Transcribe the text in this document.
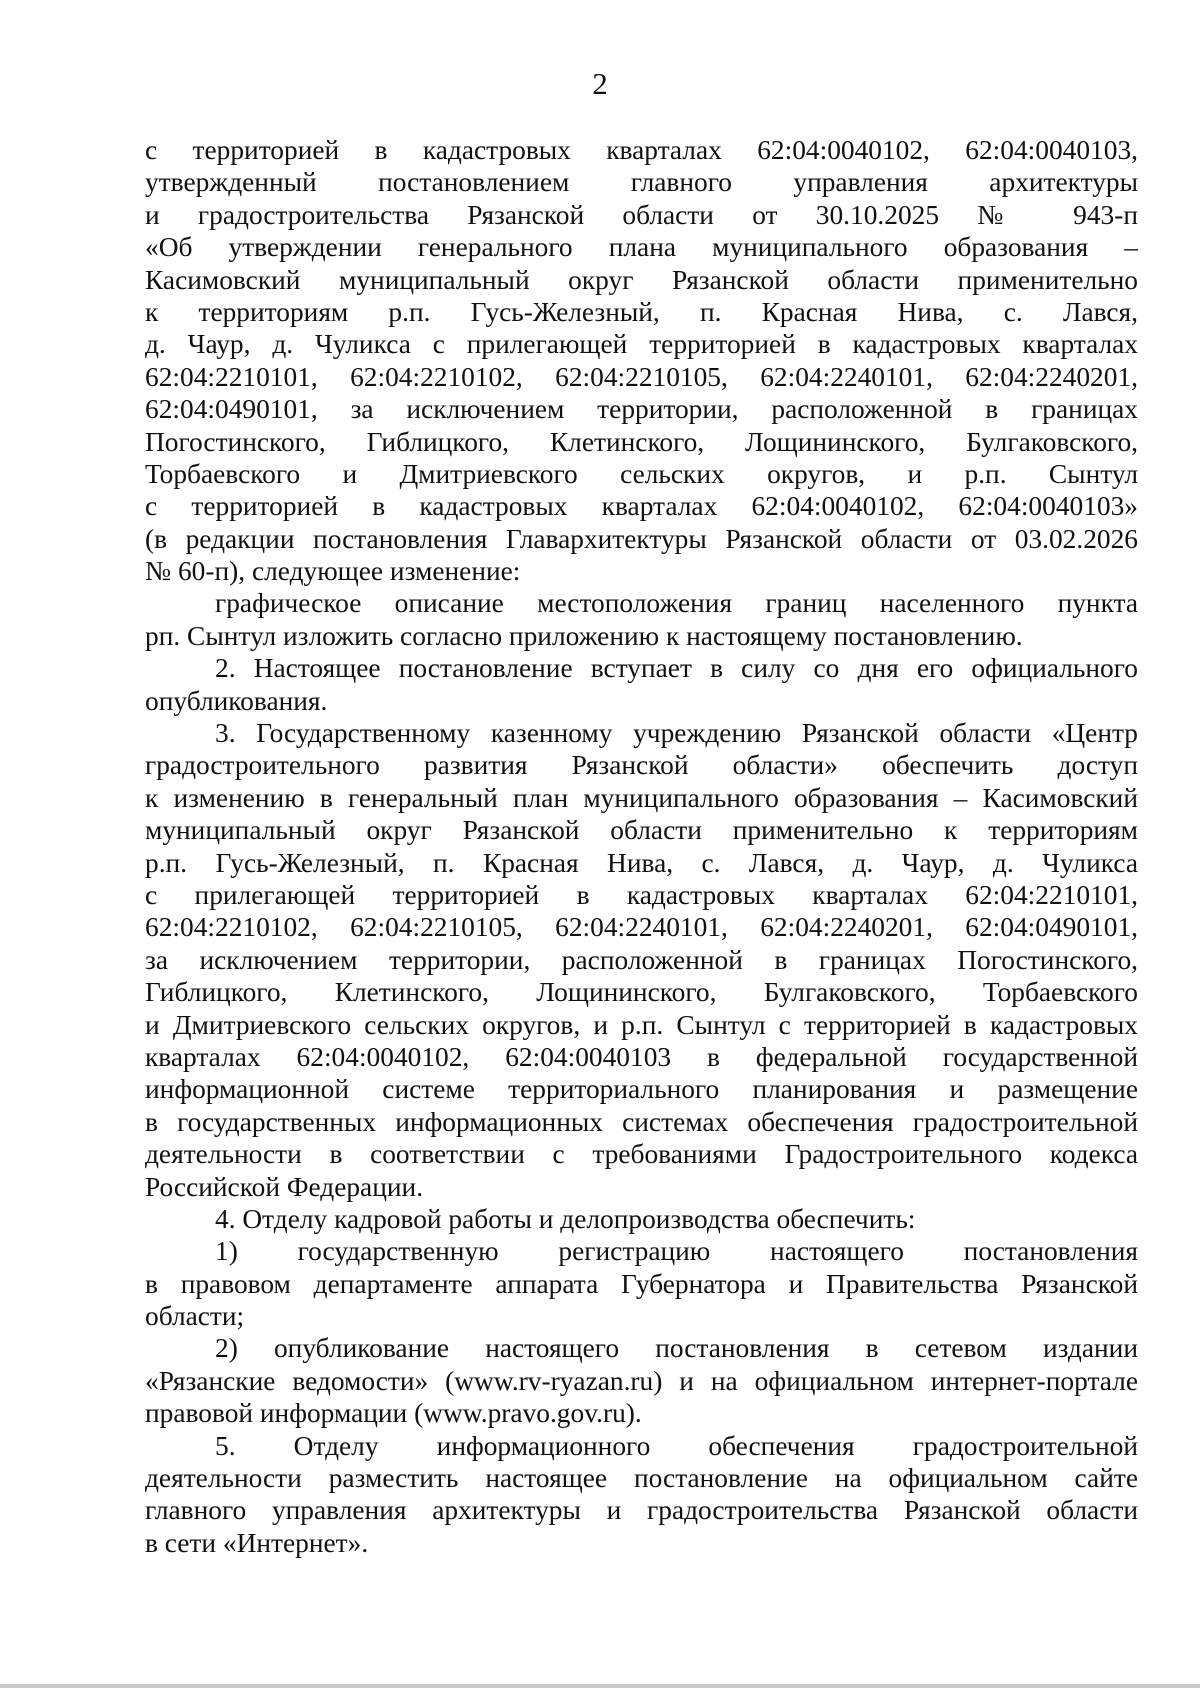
2
с территорией в кадастровых кварталах 62:04:0040102, 62:04:0040103,
утвержденный постановлением главного управления архитектуры
и градостроительства Рязанской области от 30.10.2025 № 943-п
«Об утверждении генерального плана муниципального образования –
Касимовский муниципальный округ Рязанской области применительно
к территориям р.п. Гусь-Железный, п. Красная Нива, с. Лався,
д. Чаур, д. Чуликса с прилегающей территорией в кадастровых кварталах
62:04:2210101, 62:04:2210102, 62:04:2210105, 62:04:2240101, 62:04:2240201,
62:04:0490101, за исключением территории, расположенной в границах
Погостинского, Гиблицкого, Клетинского, Лощининского, Булгаковского,
Торбаевского и Дмитриевского сельских округов, и р.п. Сынтул
с территорией в кадастровых кварталах 62:04:0040102, 62:04:0040103»
(в редакции постановления Главархитектуры Рязанской области от 03.02.2026
№ 60-п), следующее изменение:
графическое описание местоположения границ населенного пункта
рп. Сынтул изложить согласно приложению к настоящему постановлению.
2. Настоящее постановление вступает в силу со дня его официального
опубликования.
3. Государственному казенному учреждению Рязанской области «Центр
градостроительного развития Рязанской области» обеспечить доступ
к изменению в генеральный план муниципального образования – Касимовский
муниципальный округ Рязанской области применительно к территориям
р.п. Гусь-Железный, п. Красная Нива, с. Лався, д. Чаур, д. Чуликса
с прилегающей территорией в кадастровых кварталах 62:04:2210101,
62:04:2210102, 62:04:2210105, 62:04:2240101, 62:04:2240201, 62:04:0490101,
за исключением территории, расположенной в границах Погостинского,
Гиблицкого, Клетинского, Лощининского, Булгаковского, Торбаевского
и Дмитриевского сельских округов, и р.п. Сынтул с территорией в кадастровых
кварталах 62:04:0040102, 62:04:0040103 в федеральной государственной
информационной системе территориального планирования и размещение
в государственных информационных системах обеспечения градостроительной
деятельности в соответствии с требованиями Градостроительного кодекса
Российской Федерации.
4. Отделу кадровой работы и делопроизводства обеспечить:
1) государственную регистрацию настоящего постановления
в правовом департаменте аппарата Губернатора и Правительства Рязанской
области;
2) опубликование настоящего постановления в сетевом издании
«Рязанские ведомости» (www.rv-ryazan.ru) и на официальном интернет-портале
правовой информации (www.pravo.gov.ru).
5. Отделу информационного обеспечения градостроительной
деятельности разместить настоящее постановление на официальном сайте
главного управления архитектуры и градостроительства Рязанской области
в сети «Интернет».
